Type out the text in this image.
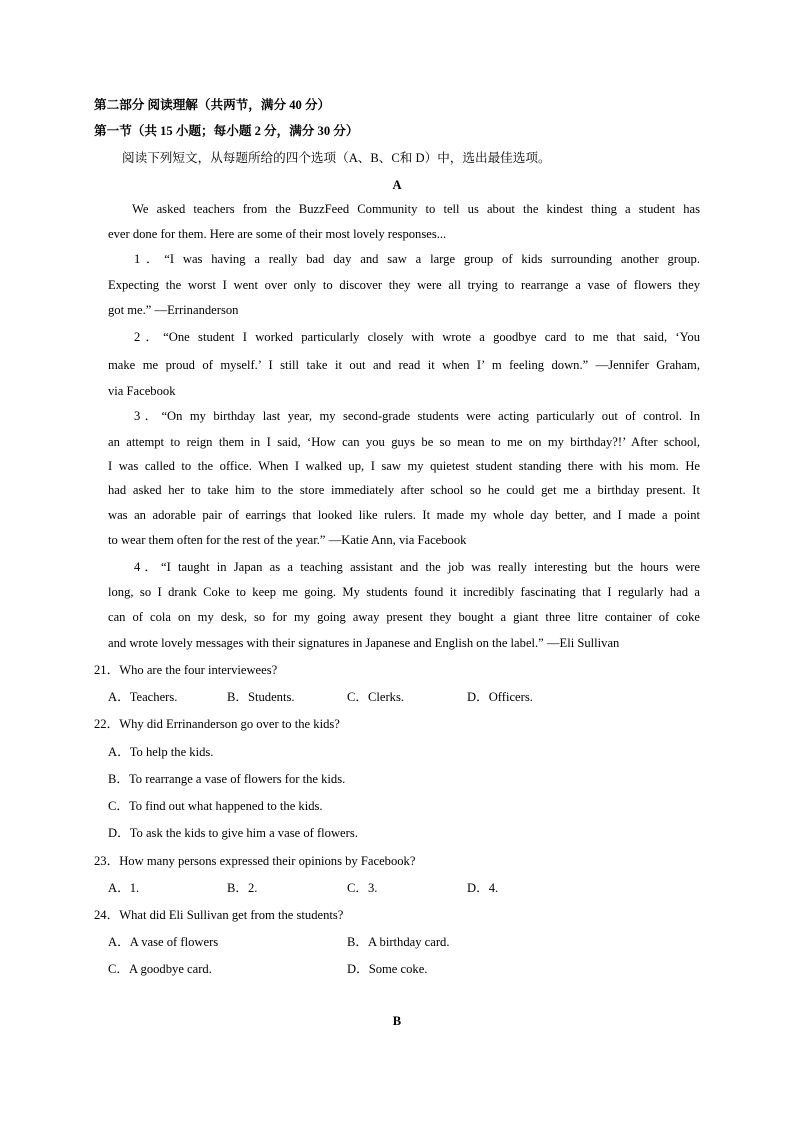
第二部分 阅读理解（共两节，满分 40 分）
第一节（共 15 小题；每小题 2 分，满分 30 分）
阅读下列短文，从每题所给的四个选项（A、B、C和 D）中，选出最佳选项。
A
We asked teachers from the BuzzFeed Community to tell us about the kindest thing a student has
ever done for them. Here are some of their most lovely responses...
1．“I was having a really bad day and saw a large group of kids surrounding another group.
Expecting the worst I went over only to discover they were all trying to rearrange a vase of flowers they
got me.” —Errinanderson
2．“One student I worked particularly closely with wrote a goodbye card to me that said, ‘You
make me proud of myself.’ I still take it out and read it when I’ m feeling down.” —Jennifer Graham,
via Facebook
3．“On my birthday last year, my second-grade students were acting particularly out of control. In
an attempt to reign them in I said, ‘How can you guys be so mean to me on my birthday?!’ After school,
I was called to the office. When I walked up, I saw my quietest student standing there with his mom. He
had asked her to take him to the store immediately after school so he could get me a birthday present. It
was an adorable pair of earrings that looked like rulers. It made my whole day better, and I made a point
to wear them often for the rest of the year.” —Katie Ann, via Facebook
4．“I taught in Japan as a teaching assistant and the job was really interesting but the hours were
long, so I drank Coke to keep me going. My students found it incredibly fascinating that I regularly had a
can of cola on my desk, so for my going away present they bought a giant three litre container of coke
and wrote lovely messages with their signatures in Japanese and English on the label.” —Eli Sullivan
21．Who are the four interviewees?
A．Teachers.	B．Students.	C．Clerks.	D．Officers.
22．Why did Errinanderson go over to the kids?
A．To help the kids.
B．To rearrange a vase of flowers for the kids.
C．To find out what happened to the kids.
D．To ask the kids to give him a vase of flowers.
23．How many persons expressed their opinions by Facebook?
A．1.	B．2.	C．3.	D．4.
24．What did Eli Sullivan get from the students?
A．A vase of flowers	B．A birthday card.
C．A goodbye card.	D．Some coke.
B
